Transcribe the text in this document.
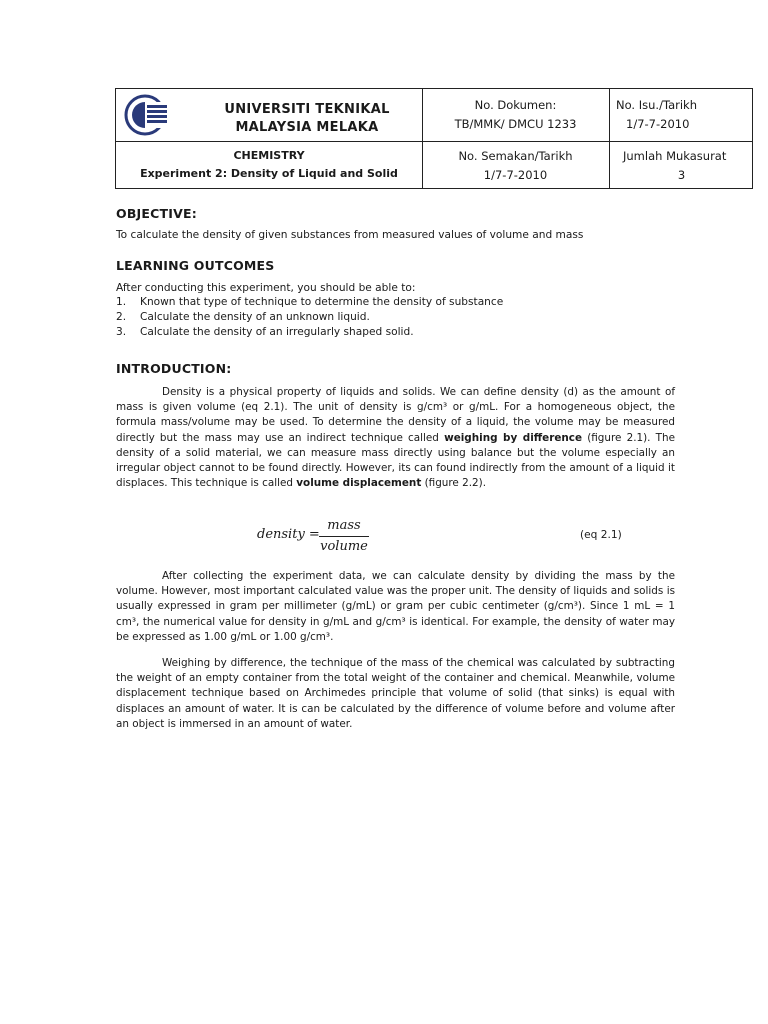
UNIVERSITI TEKNIKAL
MALAYSIA MELAKA
No. Dokumen:
TB/MMK/ DMCU 1233
No. Isu./Tarikh
1/7-7-2010
CHEMISTRY
Experiment 2: Density of Liquid and Solid
No. Semakan/Tarikh
1/7-7-2010
Jumlah Mukasurat
3
OBJECTIVE:
To calculate the density of given substances from measured values of volume and mass
LEARNING OUTCOMES
After conducting this experiment, you should be able to:
1. Known that type of technique to determine the density of substance
2. Calculate the density of an unknown liquid.
3. Calculate the density of an irregularly shaped solid.
INTRODUCTION:

Density is a physical property of liquids and solids. We can define density (d) as the amount of mass is given volume (eq 2.1). The unit of density is g/cm³ or g/mL. For a homogeneous object, the formula mass/volume may be used. To determine the density of a liquid, the volume may be measured directly but the mass may use an indirect technique called weighing by difference (figure 2.1). The density of a solid material, we can measure mass directly using balance but the volume especially an irregular object cannot to be found directly. However, its can found indirectly from the amount of a liquid it displaces. This technique is called volume displacement (figure 2.2).

density =
mass
volume
(eq 2.1)

After collecting the experiment data, we can calculate density by dividing the mass by the volume. However, most important calculated value was the proper unit. The density of liquids and solids is usually expressed in gram per millimeter (g/mL) or gram per cubic centimeter (g/cm³). Since 1 mL = 1 cm³, the numerical value for density in g/mL and g/cm³ is identical. For example, the density of water may be expressed as 1.00 g/mL or 1.00 g/cm³.

Weighing by difference, the technique of the mass of the chemical was calculated by subtracting the weight of an empty container from the total weight of the container and chemical. Meanwhile, volume displacement technique based on Archimedes principle that volume of solid (that sinks) is equal with displaces an amount of water. It is can be calculated by the difference of volume before and volume after an object is immersed in an amount of water.
